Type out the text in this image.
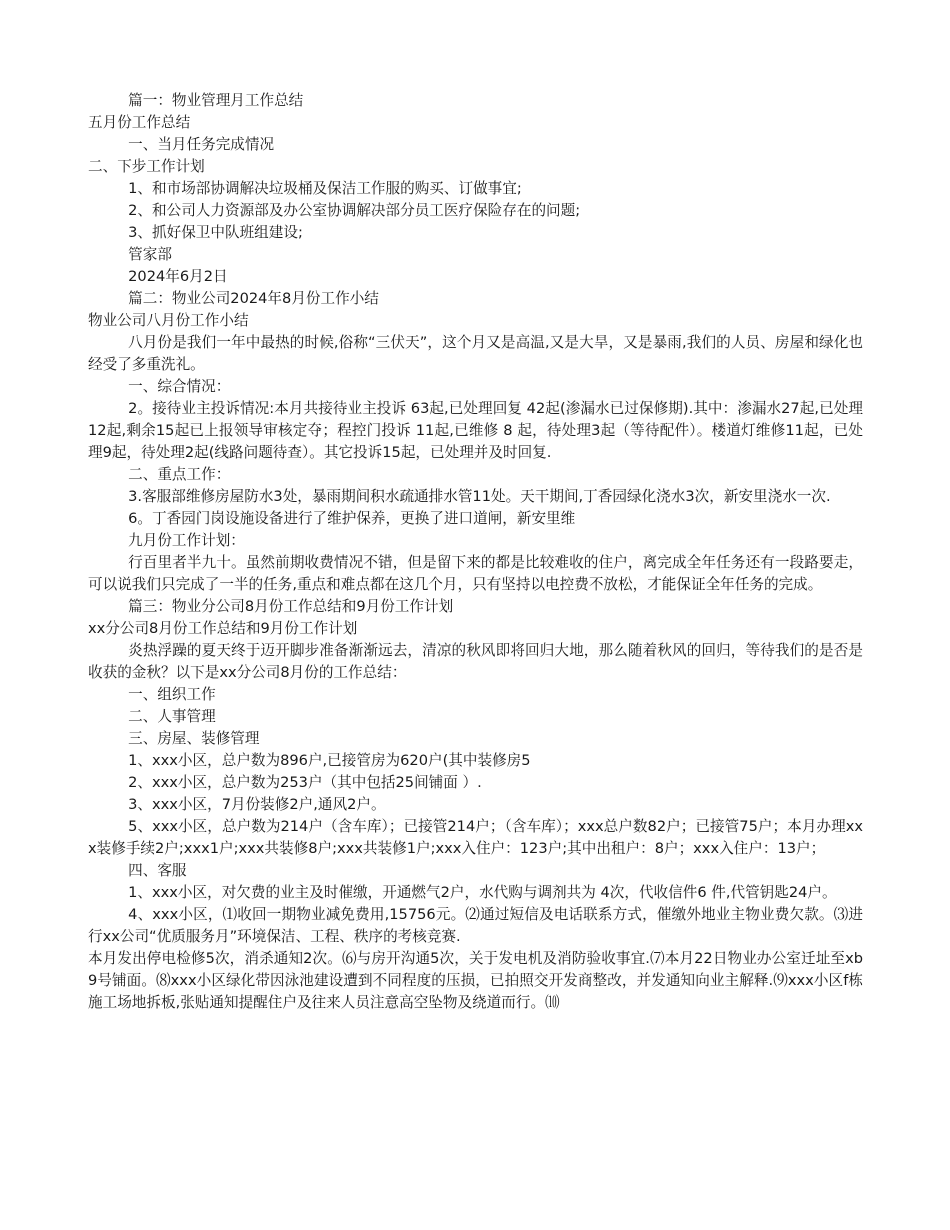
篇一：物业管理月工作总结

五月份工作总结

一、当月任务完成情况

二、下步工作计划

1、和市场部协调解决垃圾桶及保洁工作服的购买、订做事宜;

2、和公司人力资源部及办公室协调解决部分员工医疗保险存在的问题;

3、抓好保卫中队班组建设;

管家部

2024年6月2日

篇二：物业公司2024年8月份工作小结

物业公司八月份工作小结

八月份是我们一年中最热的时候,俗称“三伏天”，这个月又是高温,又是大旱，又是暴雨,我们的人员、房屋和绿化也经受了多重洗礼。

一、综合情况：

2。接待业主投诉情况:本月共接待业主投诉 63起,已处理回复 42起(渗漏水已过保修期).其中：渗漏水27起,已处理12起,剩余15起已上报领导审核定夺；程控门投诉 11起,已维修 8 起，待处理3起（等待配件）。楼道灯维修11起，已处理9起，待处理2起(线路问题待查）。其它投诉15起，已处理并及时回复.

二、重点工作：

3.客服部维修房屋防水3处，暴雨期间积水疏通排水管11处。天干期间,丁香园绿化浇水3次，新安里浇水一次.

6。丁香园门岗设施设备进行了维护保养，更换了进口道闸，新安里维

九月份工作计划：

行百里者半九十。虽然前期收费情况不错，但是留下来的都是比较难收的住户，离完成全年任务还有一段路要走，可以说我们只完成了一半的任务,重点和难点都在这几个月，只有坚持以电控费不放松，才能保证全年任务的完成。

篇三：物业分公司8月份工作总结和9月份工作计划

xx分公司8月份工作总结和9月份工作计划

炎热浮躁的夏天终于迈开脚步准备渐渐远去，清凉的秋风即将回归大地，那么随着秋风的回归，等待我们的是否是收获的金秋？以下是xx分公司8月份的工作总结：

一、组织工作

二、人事管理

三、房屋、装修管理

1、xxx小区，总户数为896户,已接管房为620户(其中装修房5

2、xxx小区，总户数为253户（其中包括25间铺面 ）.

3、xxx小区，7月份装修2户,通风2户。

5、xxx小区，总户数为214户（含车库）；已接管214户；（含车库）；xxx总户数82户；已接管75户；本月办理xxx装修手续2户;xxx1户;xxx共装修8户;xxx共装修1户;xxx入住户：123户;其中出租户：8户；xxx入住户：13户；

四、客服

1、xxx小区，对欠费的业主及时催缴，开通燃气2户，水代购与调剂共为 4次，代收信件6 件,代管钥匙24户。

4、xxx小区，⑴收回一期物业减免费用,15756元。⑵通过短信及电话联系方式，催缴外地业主物业费欠款。⑶进行xx公司“优质服务月”环境保洁、工程、秩序的考核竞赛.

本月发出停电检修5次，消杀通知2次。⑹与房开沟通5次，关于发电机及消防验收事宜.⑺本月22日物业办公室迁址至xb9号铺面。⑻xxx小区绿化带因泳池建设遭到不同程度的压损，已拍照交开发商整改，并发通知向业主解释.⑼xxx小区f栋施工场地拆板,张贴通知提醒住户及往来人员注意高空坠物及绕道而行。⑽
